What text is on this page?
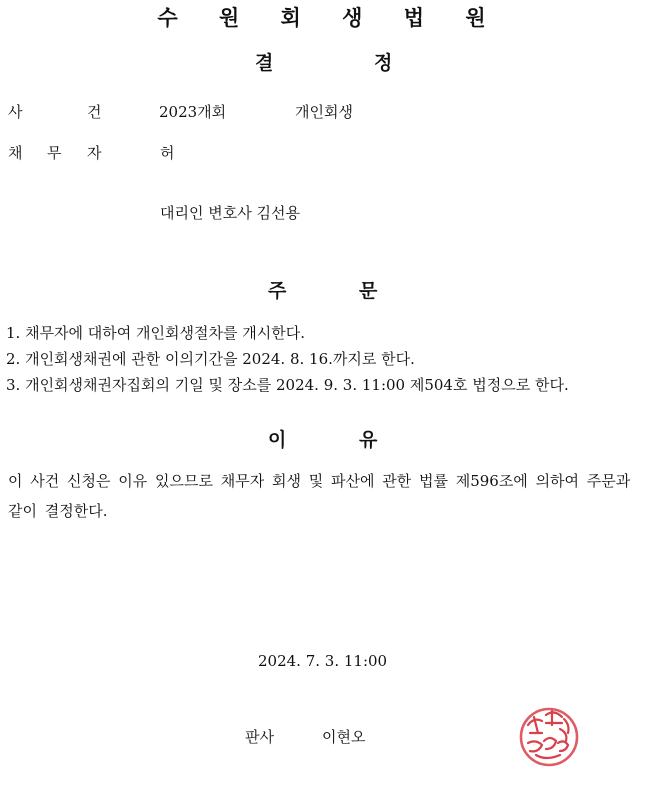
수 원 회 생 법 원
결	정
사	건	2023개회	개인회생
채 무 자	허
대리인 변호사 김선용
주	문
1. 채무자에 대하여 개인회생절차를 개시한다.
2. 개인회생채권에 관한 이의기간을 2024. 8. 16.까지로 한다.
3. 개인회생채권자집회의 기일 및 장소를 2024. 9. 3. 11:00 제504호 법정으로 한다.
이	유
이 사건 신청은 이유 있으므로 채무자 회생 및 파산에 관한 법률 제596조에 의하여 주문과 같이 결정한다.
2024. 7. 3. 11:00
판사	이현오
